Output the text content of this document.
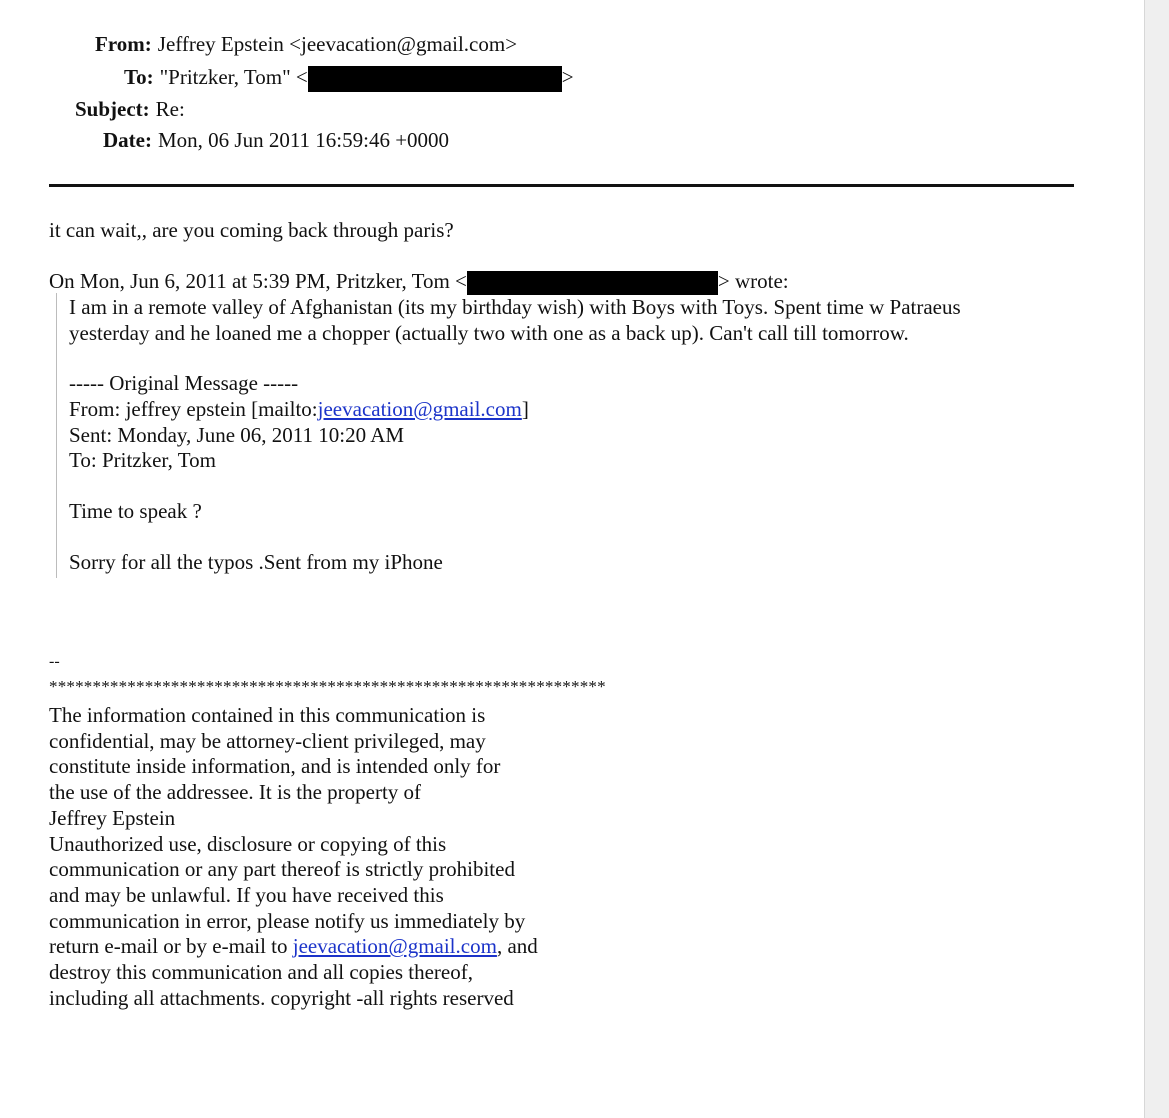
From: Jeffrey Epstein <jeevacation@gmail.com>
To: "Pritzker, Tom" <	>
Subject: Re:
Date: Mon, 06 Jun 2011 16:59:46 +0000
it can wait,, are you coming back through paris?
On Mon, Jun 6, 2011 at 5:39 PM, Pritzker, Tom <	> wrote:
I am in a remote valley of Afghanistan (its my birthday wish) with Boys with Toys. Spent time w Patraeus
yesterday and he loaned me a chopper (actually two with one as a back up). Can't call till tomorrow.
----- Original Message -----
From: jeffrey epstein [mailto:jeevacation@gmail.com]
Sent: Monday, June 06, 2011 10:20 AM
To: Pritzker, Tom
Time to speak ?
Sorry for all the typos .Sent from my iPhone
--
****************************************************************
The information contained in this communication is
confidential, may be attorney-client privileged, may
constitute inside information, and is intended only for
the use of the addressee. It is the property of
Jeffrey Epstein
Unauthorized use, disclosure or copying of this
communication or any part thereof is strictly prohibited
and may be unlawful. If you have received this
communication in error, please notify us immediately by
return e-mail or by e-mail to jeevacation@gmail.com, and
destroy this communication and all copies thereof,
including all attachments. copyright -all rights reserved
